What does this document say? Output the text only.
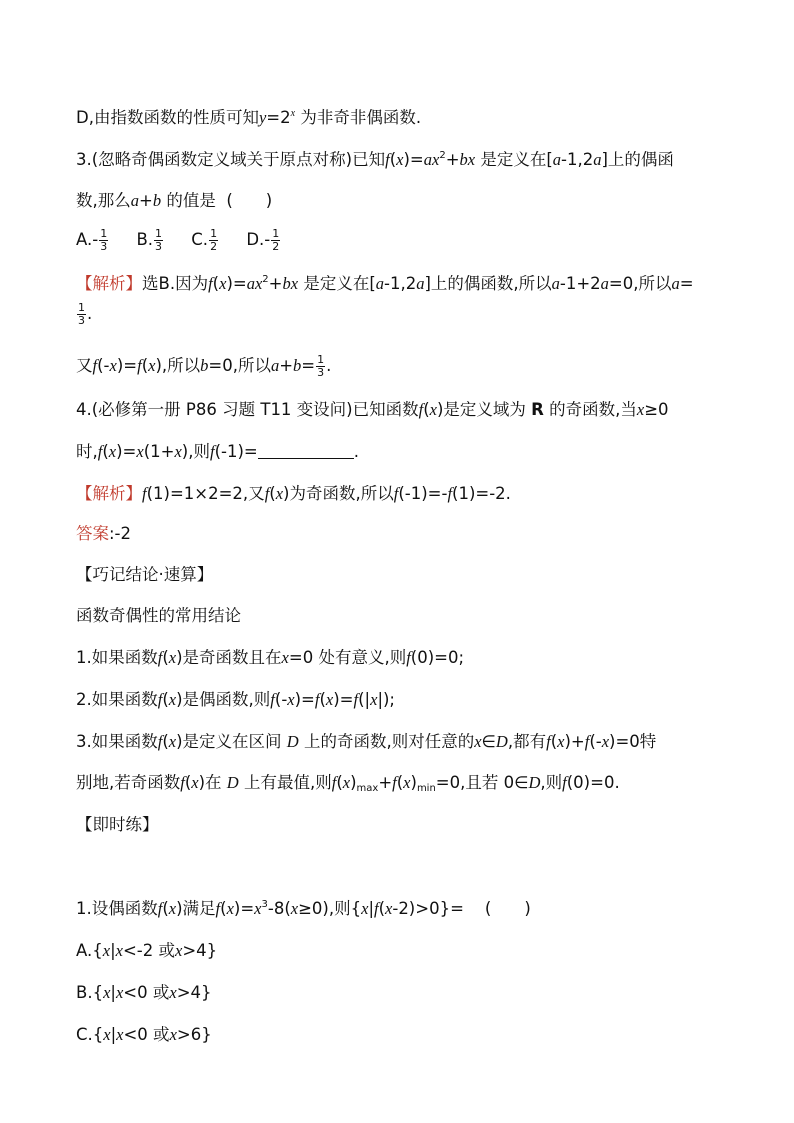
D,由指数函数的性质可知$y=2^x$ 为非奇非偶函数.
3.(忽略奇偶函数定义域关于原点对称)已知$f(x)=ax^2+bx$ 是定义在[a-1,2a]上的偶函
数,那么a+b 的值是 (　　)
$A.- \frac{1}{3} B$. $\frac{1}{3} C$. $\frac{1}{2} D.- \frac{1}{2}$
【解析】选B.因为$f(x)=ax^2+bx$ 是定义在[a-1,2a]上的偶函数,所以a-1+2a=0,所以a=
$\frac{1}{3}$ .
又f(-x)=f(x),所以b=0,所以$a+b= \frac{1}{3}$ .
4.(必修第一册 P86 习题 T11 变设问)已知函数f(x)是定义域为 R 的奇函数,当x≥0
时,f(x)=x(1+x),则f(-1)=	.
【解析】f(1)=1×2=2,又f(x)为奇函数,所以f(-1)=-f(1)=-2.
答案:-2
【巧记结论·速算】
函数奇偶性的常用结论
1.如果函数f(x)是奇函数且在x=0 处有意义,则f(0)=0;
2.如果函数f(x)是偶函数,则f(-x)=f(x)=f(|x|);
3.如果函数f(x)是定义在区间 D 上的奇函数,则对任意的x∈D,都有f(x)+f(-x)=0特
别地,若奇函数f(x)在 D 上有最值,则$f(x)_{max}+f(x)_{min}=0$,且若 0∈D,则f(0)=0.
【即时练】
1.设偶函数f(x)满足$f(x)=x^3-8(x\ge 0)$,则{x|f(x-2)>0}= (　　)
A.{x|x<-2 或x>4}
B.{x|x<0 或x>4}
C.{x|x<0 或x>6}
